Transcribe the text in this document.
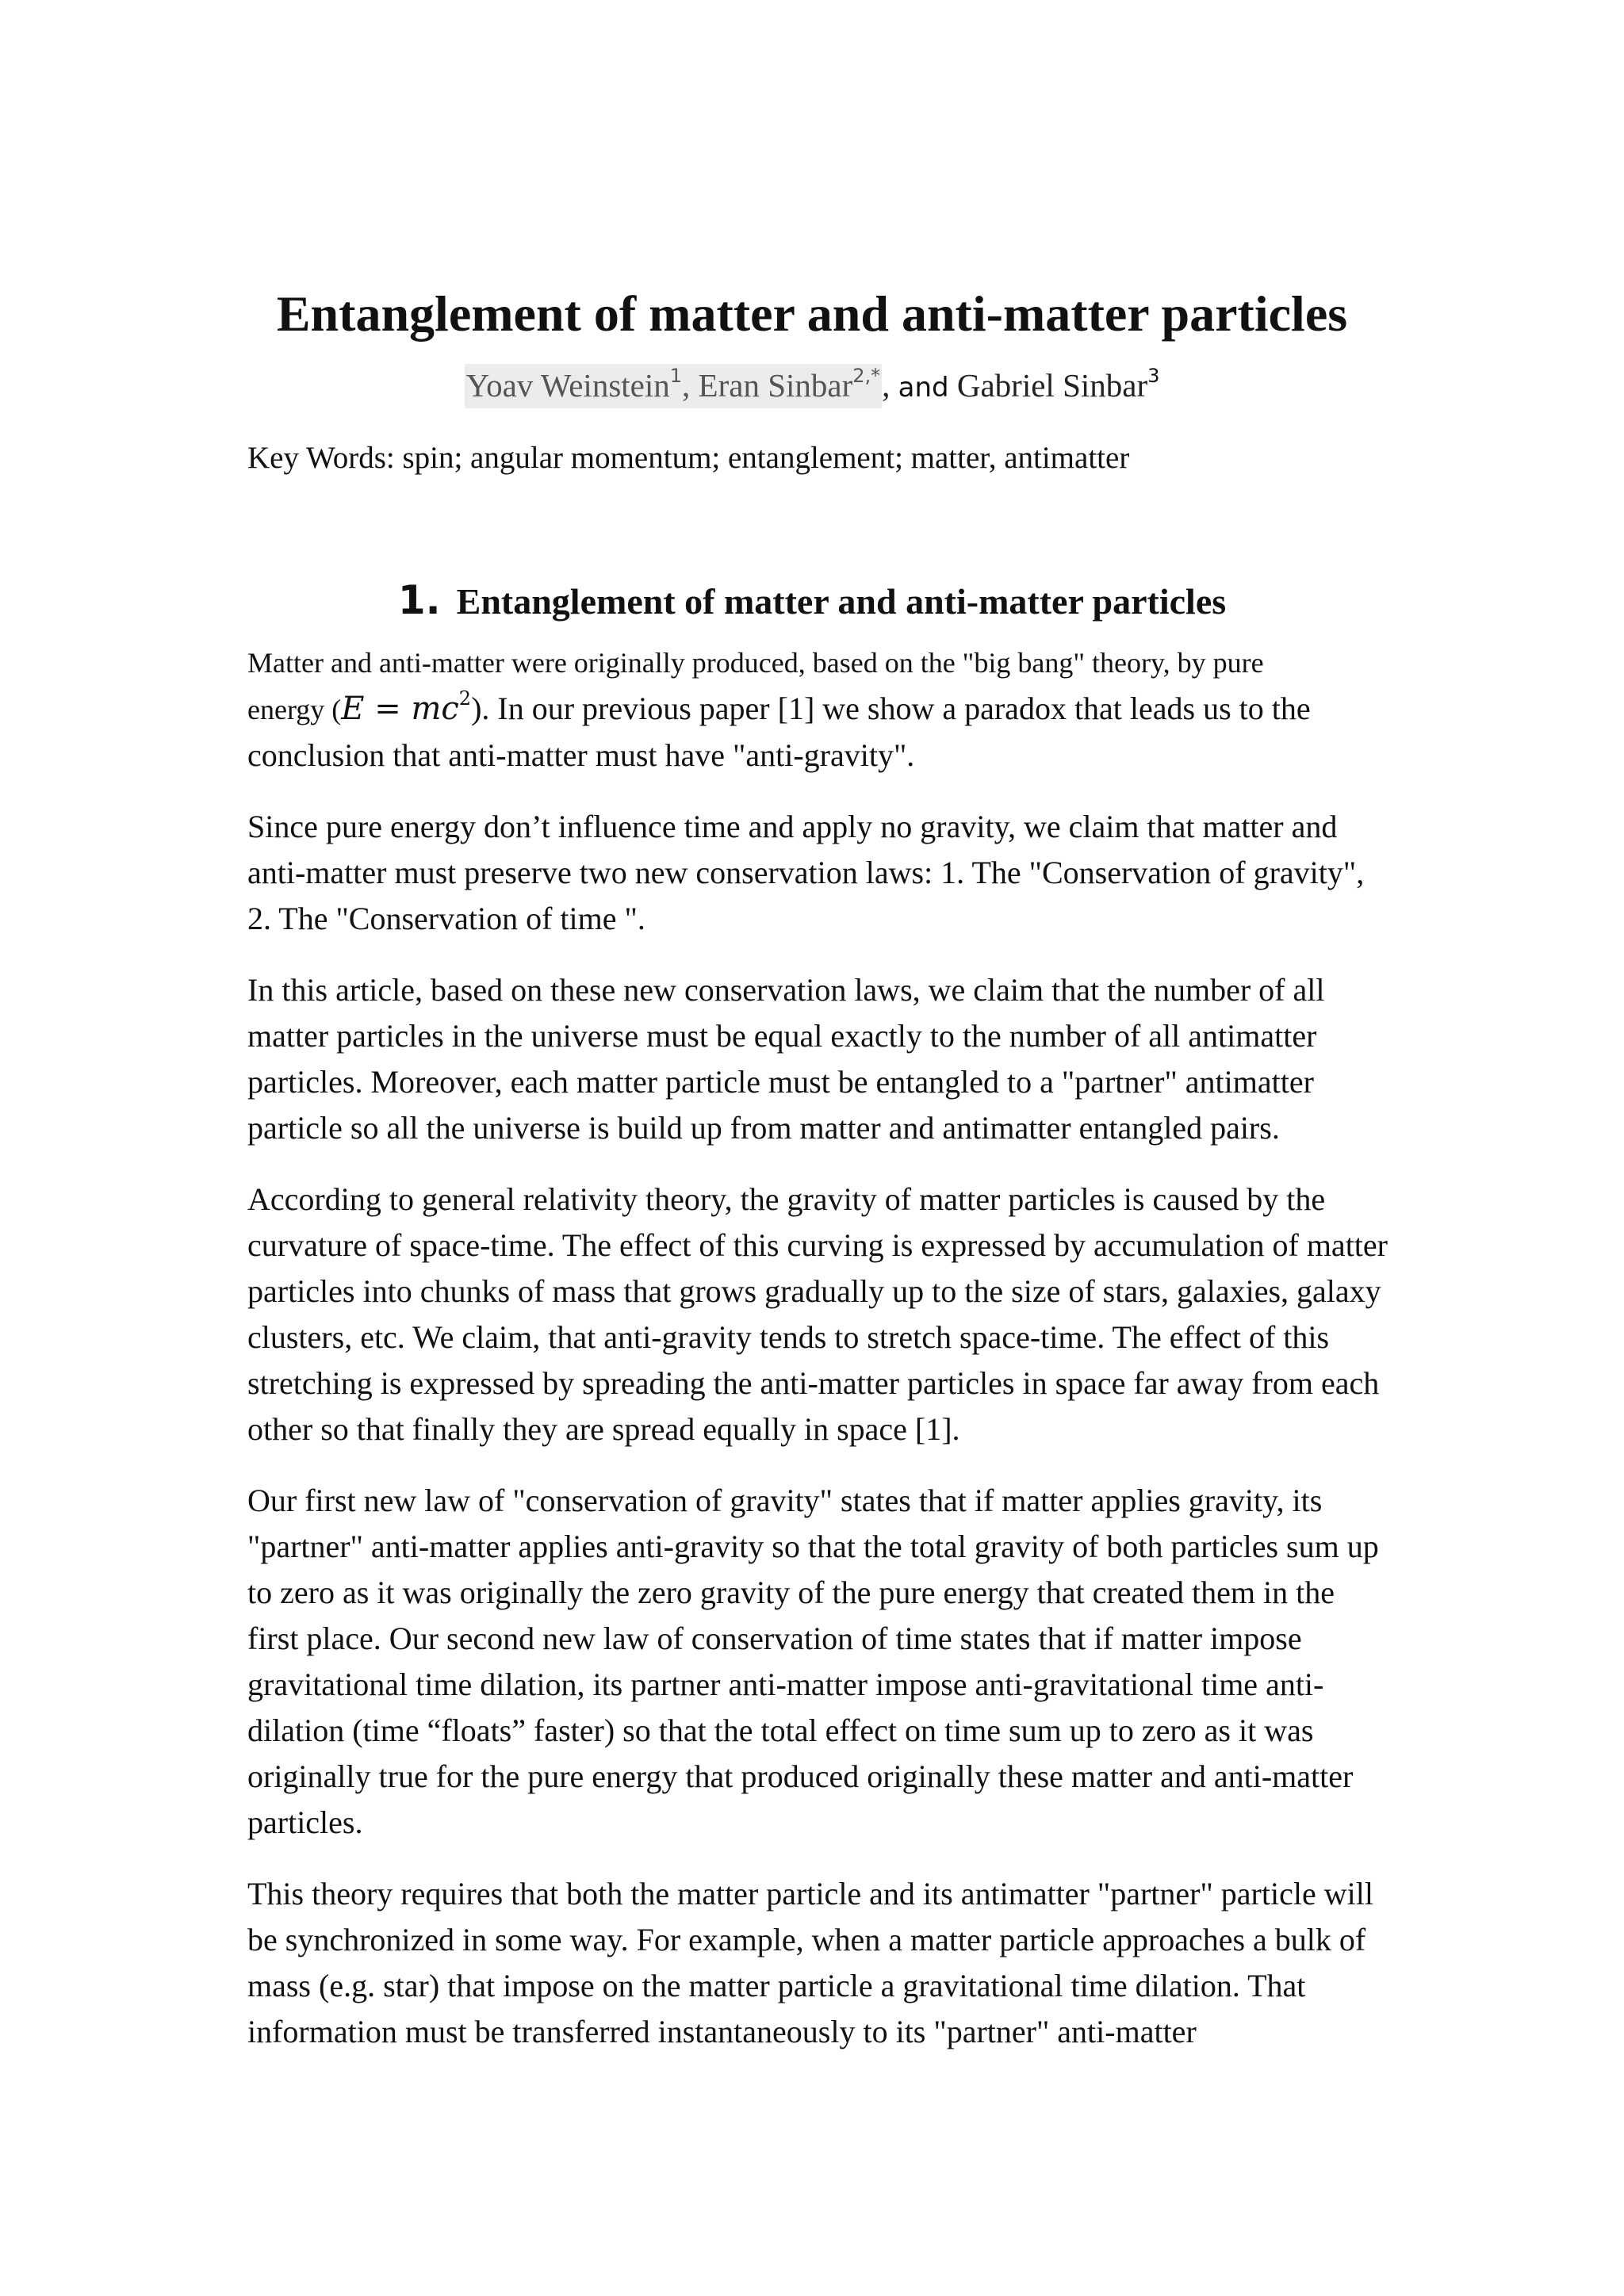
Entanglement of matter and anti-matter particles
Yoav Weinstein$^1$, Eran Sinbar$^{2,*}$, and Gabriel Sinbar$^3$

Key Words: spin; angular momentum; entanglement; matter, antimatter

1. Entanglement of matter and anti-matter particles

Matter and anti-matter were originally produced, based on the "big bang" theory, by pure
energy $(E = mc^2)$. In our previous paper [1] we show a paradox that leads us to the conclusion that anti-matter must have "anti-gravity".

Since pure energy don’t influence time and apply no gravity, we claim that matter and anti-matter must preserve two new conservation laws: 1. The "Conservation of gravity", 2. The "Conservation of time ".

In this article, based on these new conservation laws, we claim that the number of all matter particles in the universe must be equal exactly to the number of all antimatter particles. Moreover, each matter particle must be entangled to a "partner" antimatter particle so all the universe is build up from matter and antimatter entangled pairs.

According to general relativity theory, the gravity of matter particles is caused by the curvature of space-time. The effect of this curving is expressed by accumulation of matter particles into chunks of mass that grows gradually up to the size of stars, galaxies, galaxy clusters, etc. We claim, that anti-gravity tends to stretch space-time. The effect of this stretching is expressed by spreading the anti-matter particles in space far away from each other so that finally they are spread equally in space [1].

Our first new law of "conservation of gravity" states that if matter applies gravity, its "partner" anti-matter applies anti-gravity so that the total gravity of both particles sum up to zero as it was originally the zero gravity of the pure energy that created them in the first place. Our second new law of conservation of time states that if matter impose gravitational time dilation, its partner anti-matter impose anti-gravitational time anti-dilation (time “floats” faster) so that the total effect on time sum up to zero as it was originally true for the pure energy that produced originally these matter and anti-matter particles.

This theory requires that both the matter particle and its antimatter "partner" particle will be synchronized in some way. For example, when a matter particle approaches a bulk of mass (e.g. star) that impose on the matter particle a gravitational time dilation. That information must be transferred instantaneously to its "partner" anti-matter
